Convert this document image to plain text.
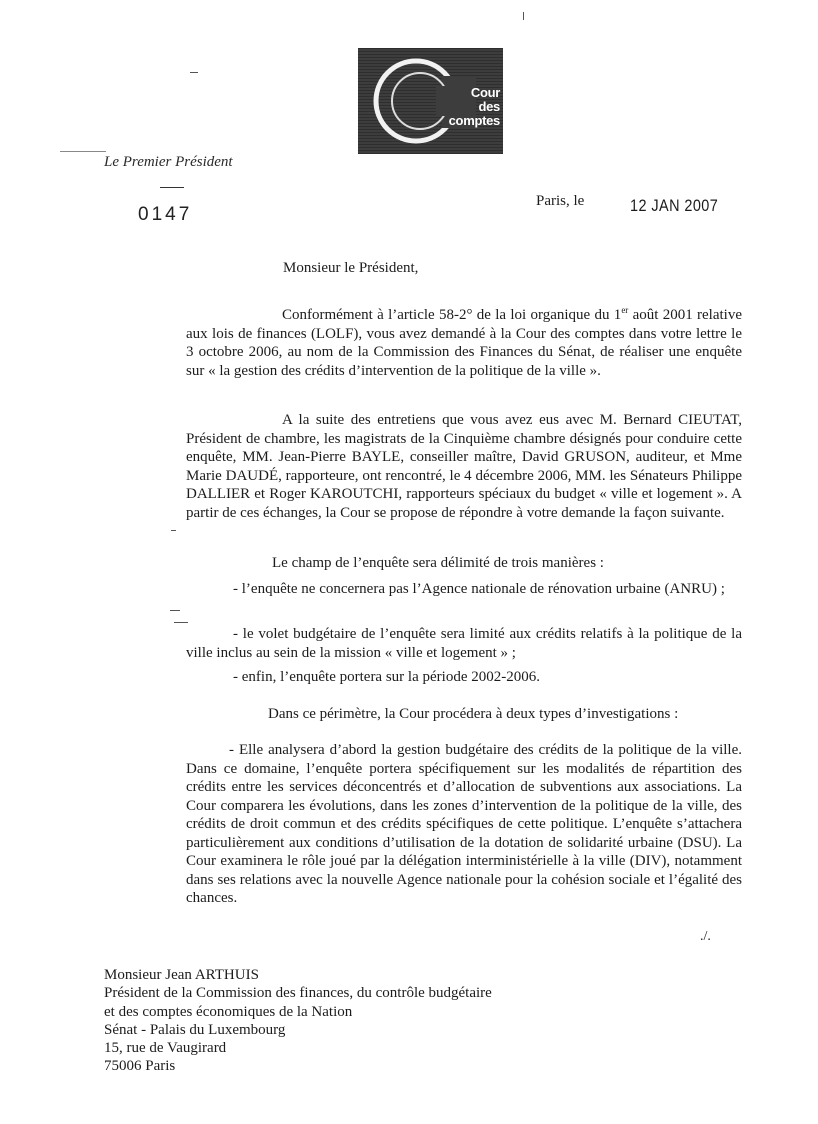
Cour
des
comptes
Le Premier Président
0147
Paris, le	12 JAN 2007
Monsieur le Président,

Conformément à l’article 58-2° de la loi organique du 1er août 2001 relative aux lois de finances (LOLF), vous avez demandé à la Cour des comptes dans votre lettre le 3 octobre 2006, au nom de la Commission des Finances du Sénat, de réaliser une enquête sur « la gestion des crédits d’intervention de la politique de la ville ».

A la suite des entretiens que vous avez eus avec M. Bernard CIEUTAT, Président de chambre, les magistrats de la Cinquième chambre désignés pour conduire cette enquête, MM. Jean-Pierre BAYLE, conseiller maître, David GRUSON, auditeur, et Mme Marie DAUDÉ, rapporteure, ont rencontré, le 4 décembre 2006, MM. les Sénateurs Philippe DALLIER et Roger KAROUTCHI, rapporteurs spéciaux du budget « ville et logement ». A partir de ces échanges, la Cour se propose de répondre à votre demande la façon suivante.

Le champ de l’enquête sera délimité de trois manières :

- l’enquête ne concernera pas l’Agence nationale de rénovation urbaine (ANRU) ;

- le volet budgétaire de l’enquête sera limité aux crédits relatifs à la politique de la ville inclus au sein de la mission « ville et logement » ;

- enfin, l’enquête portera sur la période 2002-2006.
Dans ce périmètre, la Cour procédera à deux types d’investigations :

- Elle analysera d’abord la gestion budgétaire des crédits de la politique de la ville. Dans ce domaine, l’enquête portera spécifiquement sur les modalités de répartition des crédits entre les services déconcentrés et d’allocation de subventions aux associations. La Cour comparera les évolutions, dans les zones d’intervention de la politique de la ville, des crédits de droit commun et des crédits spécifiques de cette politique. L’enquête s’attachera particulièrement aux conditions d’utilisation de la dotation de solidarité urbaine (DSU). La Cour examinera le rôle joué par la délégation interministérielle à la ville (DIV), notamment dans ses relations avec la nouvelle Agence nationale pour la cohésion sociale et l’égalité des chances.

./.
Monsieur Jean ARTHUIS
Président de la Commission des finances, du contrôle budgétaire
et des comptes économiques de la Nation
Sénat - Palais du Luxembourg
15, rue de Vaugirard
75006 Paris
